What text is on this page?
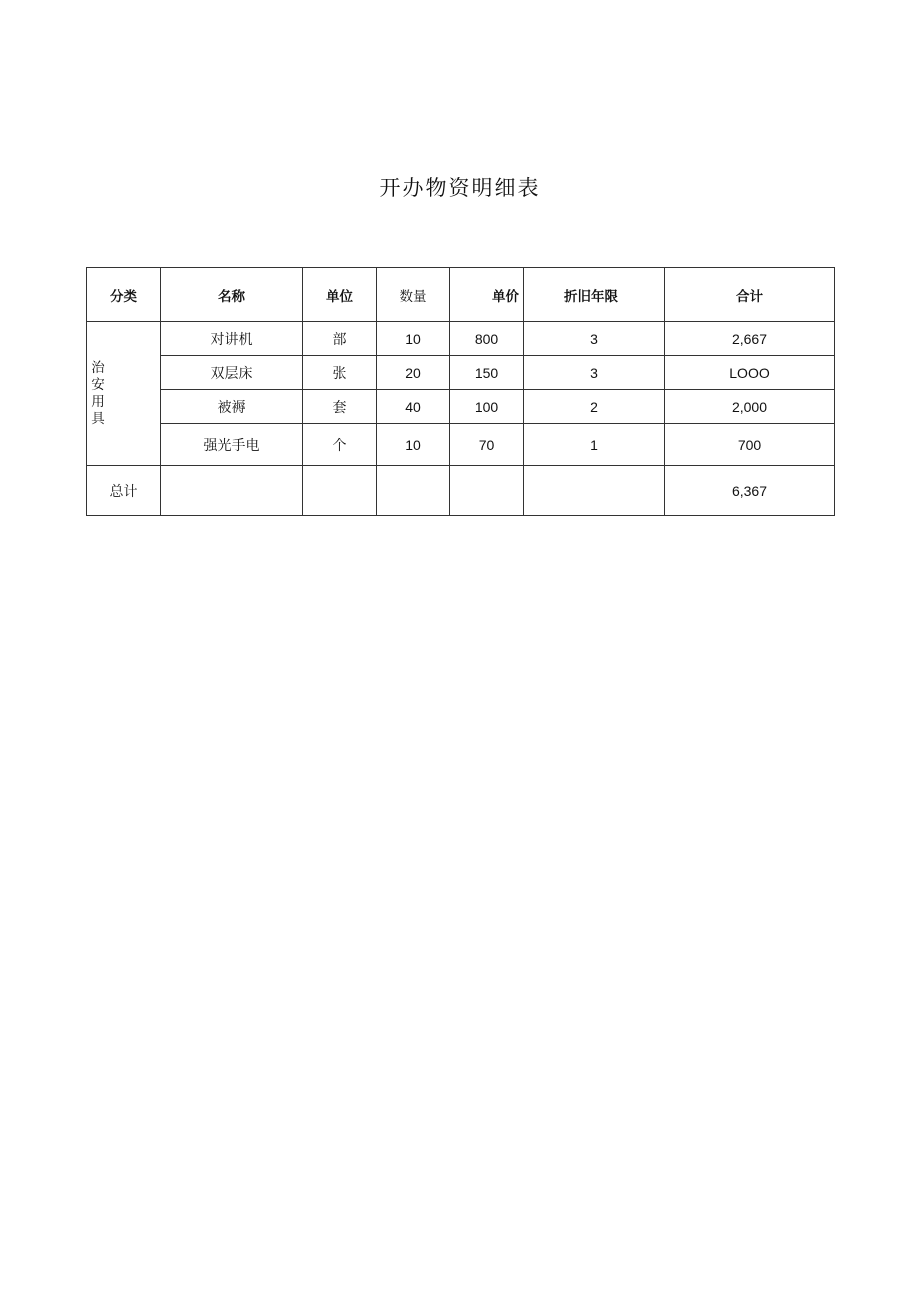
开办物资明细表
分类	名称	单位	数量	单价	折旧年限	合计
治安用具	对讲机	部	10	800	3	2,667
	双层床	张	20	150	3	LOOO
	被褥	套	40	100	2	2,000
	强光手电	个	10	70	1	700
总计						6,367
